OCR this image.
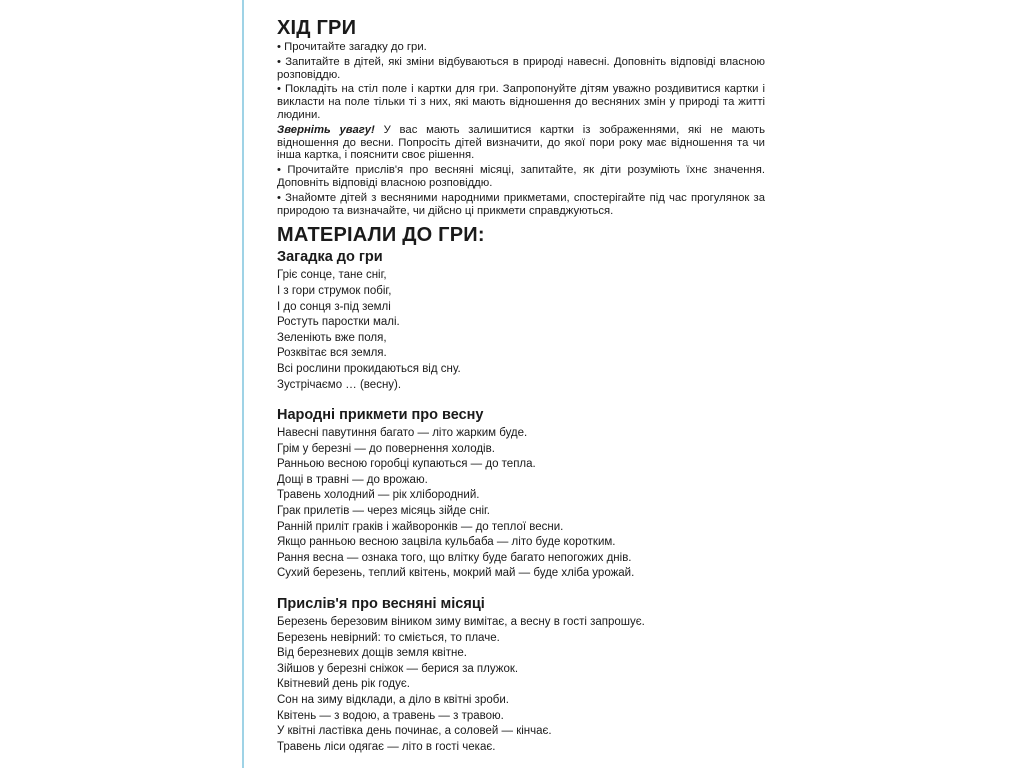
ХІД ГРИ
• Прочитайте загадку до гри.
• Запитайте в дітей, які зміни відбуваються в природі навесні. Доповніть відповіді власною розповіддю.
• Покладіть на стіл поле і картки для гри. Запропонуйте дітям уважно роздивитися картки і викласти на поле тільки ті з них, які мають відношення до весняних змін у природі та житті людини.
Зверніть увагу! У вас мають залишитися картки із зображеннями, які не мають відношення до весни. Попросіть дітей визначити, до якої пори року має відношення та чи інша картка, і пояснити своє рішення.
• Прочитайте прислів'я про весняні місяці, запитайте, як діти розуміють їхнє значення. Доповніть відповіді власною розповіддю.
• Знайомте дітей з весняними народними прикметами, спостерігайте під час прогулянок за природою та визначайте, чи дійсно ці прикмети справджуються.
МАТЕРІАЛИ ДО ГРИ:
Загадка до гри
Гріє сонце, тане сніг,
І з гори струмок побіг,
І до сонця з-під землі
Ростуть паростки малі.
Зеленіють вже поля,
Розквітає вся земля.
Всі рослини прокидаються від сну.
Зустрічаємо … (весну).
Народні прикмети про весну
Навесні павутиння багато — літо жарким буде.
Грім у березні — до повернення холодів.
Ранньою весною горобці купаються — до тепла.
Дощі в травні — до врожаю.
Травень холодний — рік хлібородний.
Грак прилетів — через місяць зійде сніг.
Ранній приліт граків і жайворонків — до теплої весни.
Якщо ранньою весною зацвіла кульбаба — літо буде коротким.
Рання весна — ознака того, що влітку буде багато непогожих днів.
Сухий березень, теплий квітень, мокрий май — буде хліба урожай.
Прислів'я про весняні місяці
Березень березовим віником зиму вимітає, а весну в гості запрошує.
Березень невірний: то сміється, то плаче.
Від березневих дощів земля квітне.
Зійшов у березні сніжок — берися за плужок.
Квітневий день рік годує.
Сон на зиму відклади, а діло в квітні зроби.
Квітень — з водою, а травень — з травою.
У квітні ластівка день починає, а соловей — кінчає.
Травень ліси одягає — літо в гості чекає.
